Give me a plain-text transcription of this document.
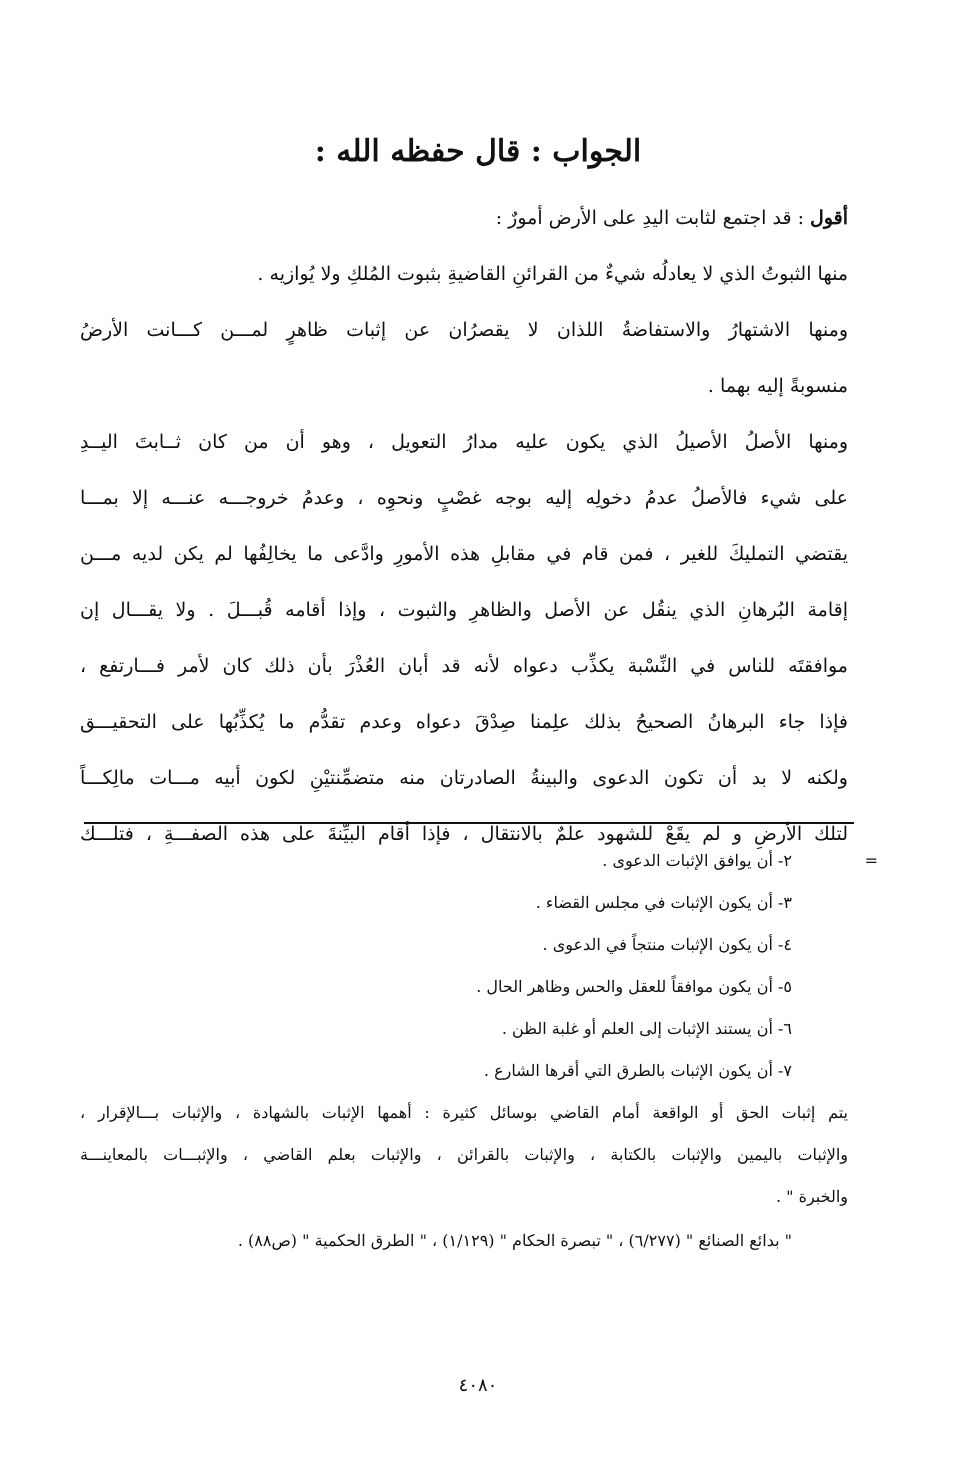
الجواب : قال حفظه الله :
أقول : قد اجتمع لثابت اليدِ على الأرض أمورٌ :
منها الثبوتُ الذي لا يعادلُه شيءٌ من القرائنِ القاضيةِ بثبوت المُلكِ ولا يُوازيه .
ومنها الاشتهارُ والاستفاضةُ اللذان لا يقصرُان عن إثبات ظاهرٍ لمـــن كـــانت الأرضُ
منسوبةً إليه بهما .
ومنها الأصلُ الأصيلُ الذي يكون عليه مدارُ التعويل ، وهو أن من كان ثــابتَ اليــدِ
على شيء فالأصلُ عدمُ دخولِه إليه بوجه غصْبٍ ونحوِه ، وعدمُ خروجـــه عنـــه إلا بمـــا
يقتضي التمليكَ للغير ، فمن قام في مقابلِ هذه الأمورِ وادَّعى ما يخالِفُها لم يكن لديه مـــن
إقامة البُرهانِ الذي ينقُل عن الأصل والظاهرِ والثبوت ، وإذا أقامه قُبـــلَ . ولا يقـــال إن
موافقتَه للناس في النِّسْبة يكذِّب دعواه لأنه قد أبان العُذْرَ بأن ذلك كان لأمر فـــارتفع ،
فإذا جاء البرهانُ الصحيحُ بذلك علِمنا صِدْقَ دعواه وعدم تقدُّم ما يُكذِّبُها على التحقيـــق
ولكنه لا بد أن تكون الدعوى والبينةُ الصادرتان منه متضمِّنتيْنِ لكون أبيه مـــات مالِكـــاً
لتلك الأرضِ و لم يقَعْ للشهود علمٌ بالانتقال ، فإذا أقام البيِّنةَ على هذه الصفـــةِ ، فتلـــك
=
٢- أن يوافق الإثبات الدعوى .
٣- أن يكون الإثبات في مجلس القضاء .
٤- أن يكون الإثبات منتجاً في الدعوى .
٥- أن يكون موافقاً للعقل والحس وظاهر الحال .
٦- أن يستند الإثبات إلى العلم أو غلبة الظن .
٧- أن يكون الإثبات بالطرق التي أقرها الشارع .
يتم إثبات الحق أو الواقعة أمام القاضي بوسائل كثيرة : أهمها الإثبات بالشهادة ، والإثبات بـــالإقرار ،
والإثبات باليمين والإثبات بالكتابة ، والإثبات بالقرائن ، والإثبات بعلم القاضي ، والإثبـــات بالمعاينـــة
والخبرة " .
" بدائع الصنائع " (٦/٢٧٧) ، " تبصرة الحكام " (١/١٢٩) ، " الطرق الحكمية " (ص٨٨) .
٤٠٨٠
